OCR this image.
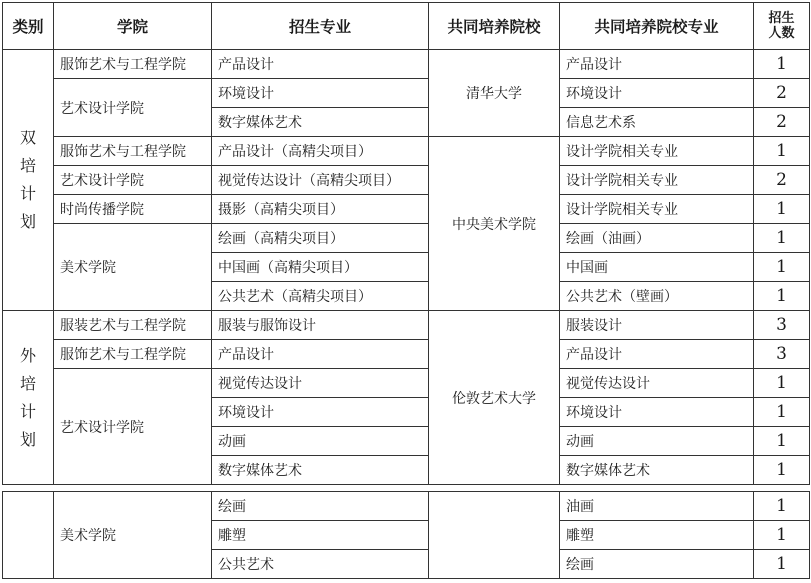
类别	学院	招生专业	共同培养院校	共同培养院校专业	招生人数
双培计划	服饰艺术与工程学院	产品设计	清华大学	产品设计	1
	艺术设计学院	环境设计		环境设计	2
		数字媒体艺术		信息艺术系	2
	服饰艺术与工程学院	产品设计（高精尖项目）	中央美术学院	设计学院相关专业	1
	艺术设计学院	视觉传达设计（高精尖项目）		设计学院相关专业	2
	时尚传播学院	摄影（高精尖项目）		设计学院相关专业	1
	美术学院	绘画（高精尖项目）		绘画（油画）	1
		中国画（高精尖项目）		中国画	1
		公共艺术（高精尖项目）		公共艺术（壁画）	1
外培计划	服装艺术与工程学院	服装与服饰设计	伦敦艺术大学	服装设计	3
	服饰艺术与工程学院	产品设计		产品设计	3
	艺术设计学院	视觉传达设计		视觉传达设计	1
		环境设计		环境设计	1
		动画		动画	1
		数字媒体艺术		数字媒体艺术	1
	美术学院	绘画		油画	1
		雕塑		雕塑	1
		公共艺术		绘画	1
